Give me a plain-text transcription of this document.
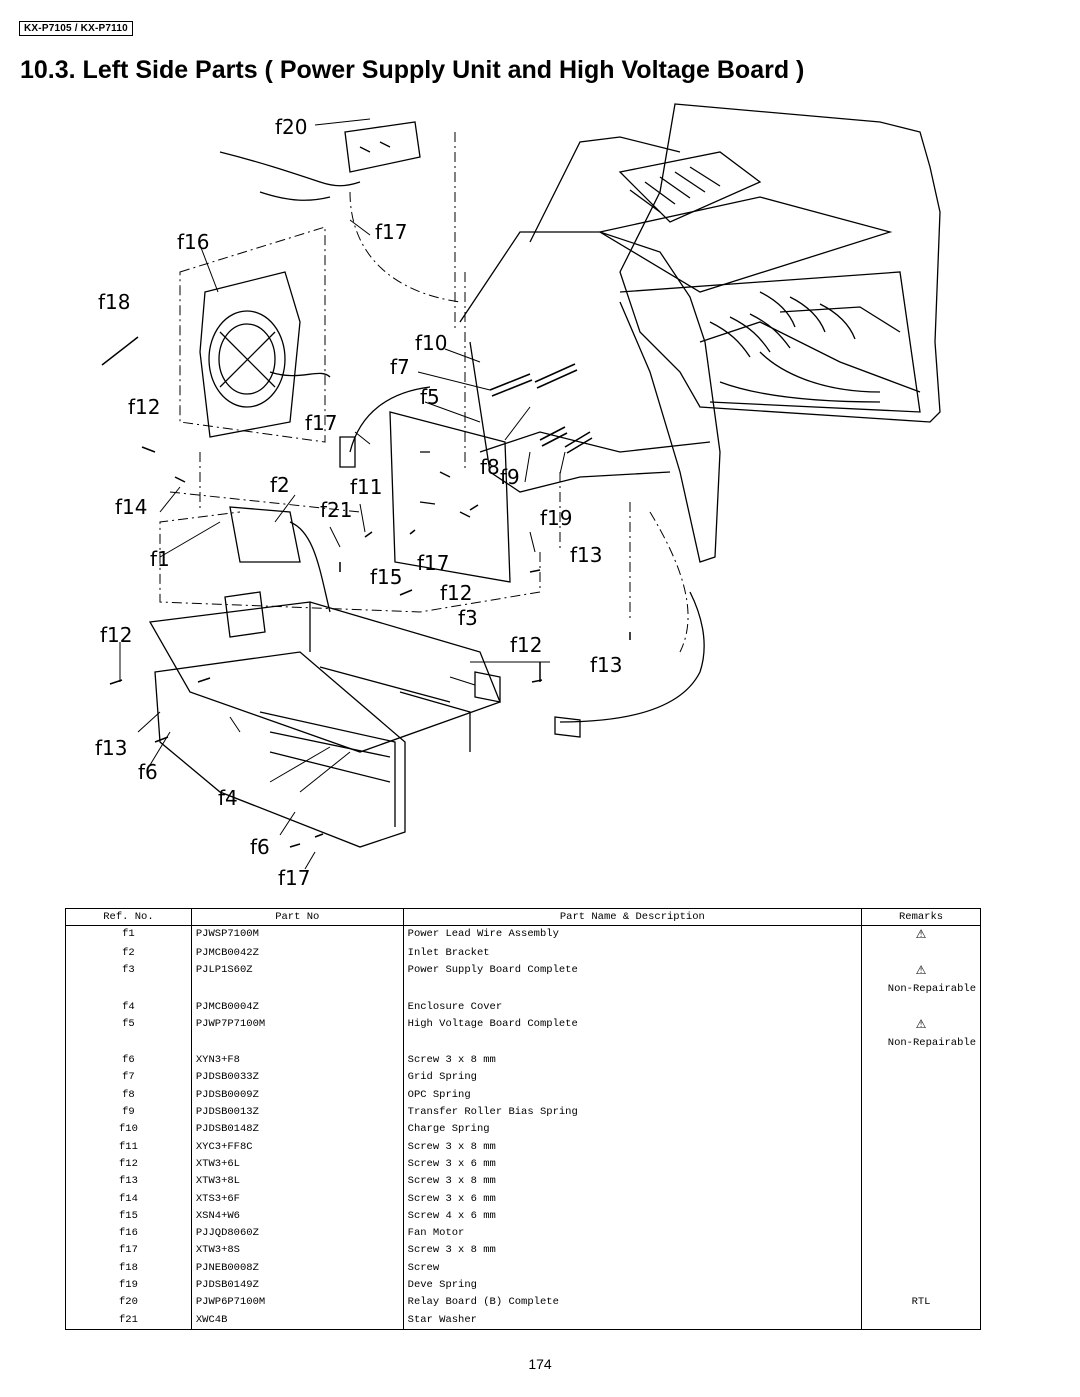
KX-P7105 / KX-P7110
10.3. Left Side Parts ( Power Supply Unit and High Voltage Board )
f20
f17
f16
f18
f10
f7
f12	f5
f17
f2	f11
f8 f9
f14	f21	f19
f1
f15
f17	f13
f12
f12
f3
f12
f13
f13
f6
f4
f6
f17
Ref. No.	Part No	Part Name & Description	Remarks
f1	PJWSP7100M	Power Lead Wire Assembly	⚠
f2	PJMCB0042Z	Inlet Bracket	
f3	PJLP1S60Z	Power Supply Board Complete	⚠
			Non-Repairable
f4	PJMCB0004Z	Enclosure Cover	
f5	PJWP7P7100M	High Voltage Board Complete	⚠
			Non-Repairable
f6	XYN3+F8	Screw 3 x 8 mm	
f7	PJDSB0033Z	Grid Spring	
f8	PJDSB0009Z	OPC Spring	
f9	PJDSB0013Z	Transfer Roller Bias Spring	
f10	PJDSB0148Z	Charge Spring	
f11	XYC3+FF8C	Screw 3 x 8 mm	
f12	XTW3+6L	Screw 3 x 6 mm	
f13	XTW3+8L	Screw 3 x 8 mm	
f14	XTS3+6F	Screw 3 x 6 mm	
f15	XSN4+W6	Screw 4 x 6 mm	
f16	PJJQD8060Z	Fan Motor	
f17	XTW3+8S	Screw 3 x 8 mm	
f18	PJNEB0008Z	Screw	
f19	PJDSB0149Z	Deve Spring	
f20	PJWP6P7100M	Relay Board (B) Complete	RTL
f21	XWC4B	Star Washer	
174
